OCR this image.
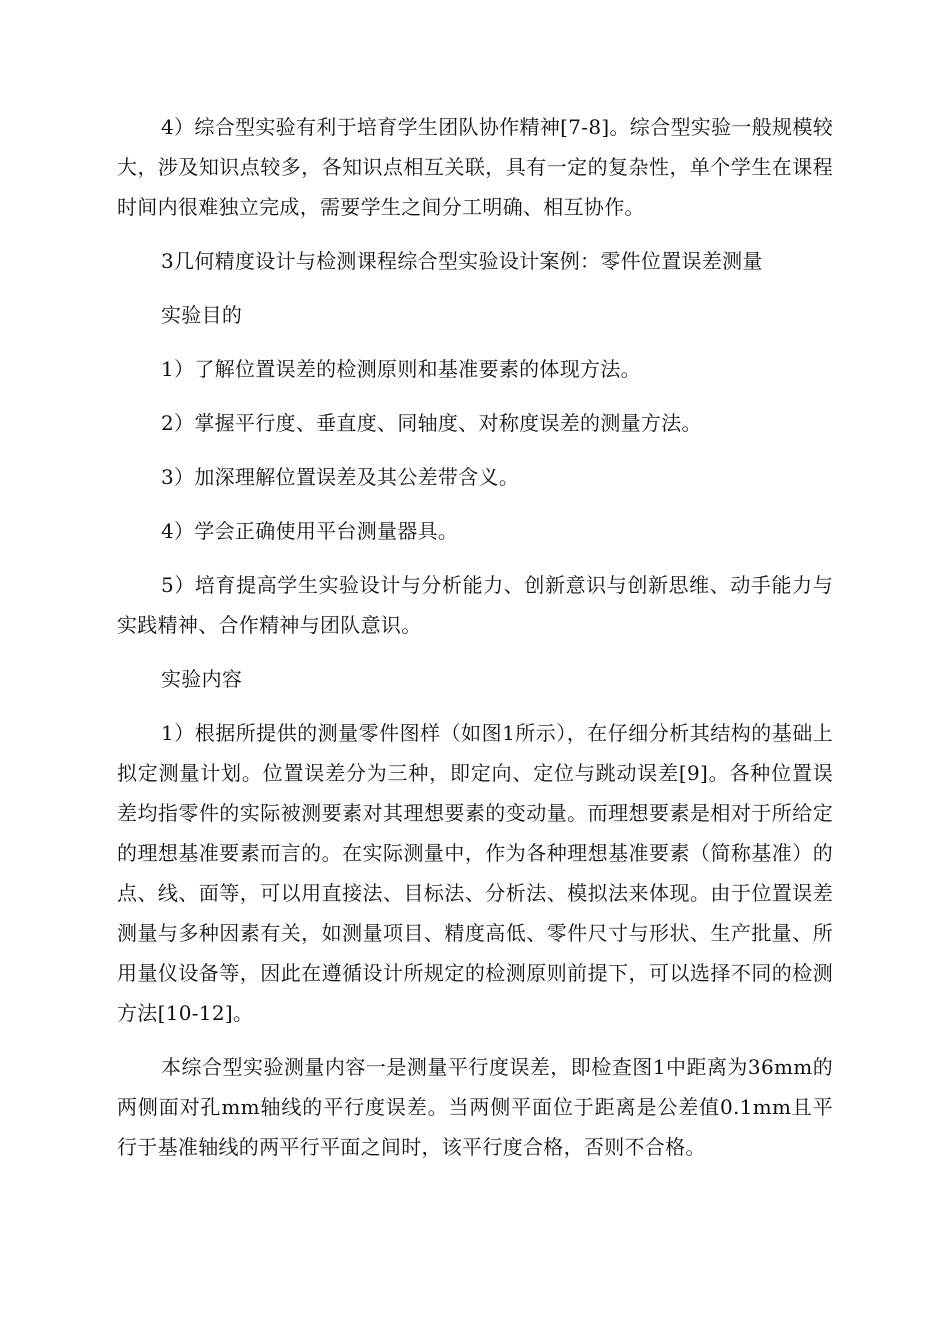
4）综合型实验有利于培育学生团队协作精神[7-8]。综合型实验一般规模较大，涉及知识点较多，各知识点相互关联，具有一定的复杂性，单个学生在课程时间内很难独立完成，需要学生之间分工明确、相互协作。

3几何精度设计与检测课程综合型实验设计案例：零件位置误差测量

实验目的

1）了解位置误差的检测原则和基准要素的体现方法。

2）掌握平行度、垂直度、同轴度、对称度误差的测量方法。

3）加深理解位置误差及其公差带含义。

4）学会正确使用平台测量器具。

5）培育提高学生实验设计与分析能力、创新意识与创新思维、动手能力与实践精神、合作精神与团队意识。

实验内容

1）根据所提供的测量零件图样（如图1所示），在仔细分析其结构的基础上拟定测量计划。位置误差分为三种，即定向、定位与跳动误差[9]。各种位置误差均指零件的实际被测要素对其理想要素的变动量。而理想要素是相对于所给定的理想基准要素而言的。在实际测量中，作为各种理想基准要素（简称基准）的点、线、面等，可以用直接法、目标法、分析法、模拟法来体现。由于位置误差测量与多种因素有关，如测量项目、精度高低、零件尺寸与形状、生产批量、所用量仪设备等，因此在遵循设计所规定的检测原则前提下，可以选择不同的检测方法[10-12]。

本综合型实验测量内容一是测量平行度误差，即检查图1中距离为36mm的两侧面对孔mm轴线的平行度误差。当两侧平面位于距离是公差值0.1mm且平行于基准轴线的两平行平面之间时，该平行度合格，否则不合格。
